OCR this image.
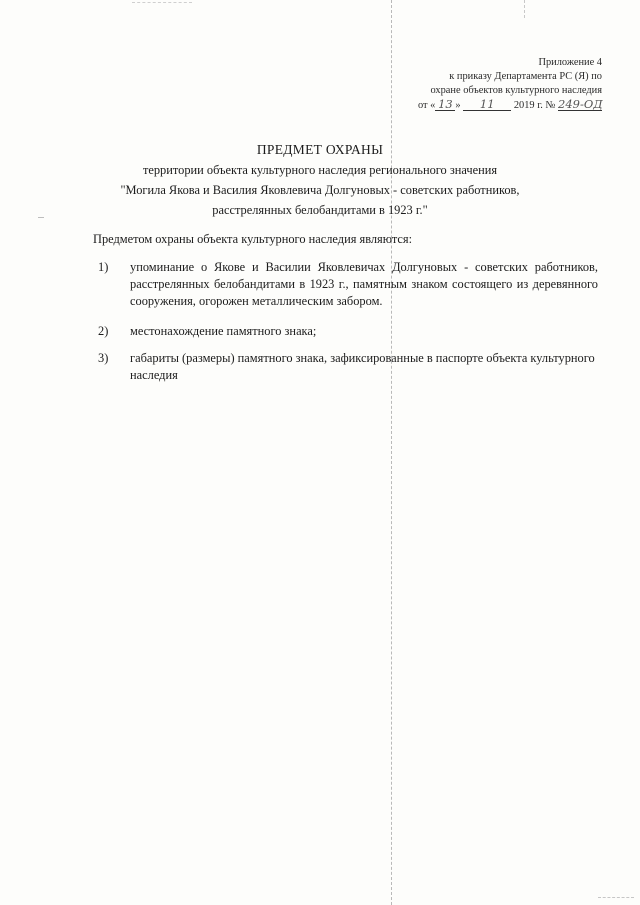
Приложение 4
к приказу Департамента РС (Я) по
охране объектов культурного наследия
от « 13 » 11 2019 г. № 249-ОД
ПРЕДМЕТ ОХРАНЫ
территории объекта культурного наследия регионального значения
"Могила Якова и Василия Яковлевича Долгуновых - советских работников,
расстрелянных белобандитами в 1923 г."
Предметом охраны объекта культурного наследия являются:
1) упоминание о Якове и Василии Яковлевичах Долгуновых - советских работников, расстрелянных белобандитами в 1923 г., памятным знаком состоящего из деревянного сооружения, огорожен металлическим забором.
2) местонахождение памятного знака;
3) габариты (размеры) памятного знака, зафиксированные в паспорте объекта культурного наследия
